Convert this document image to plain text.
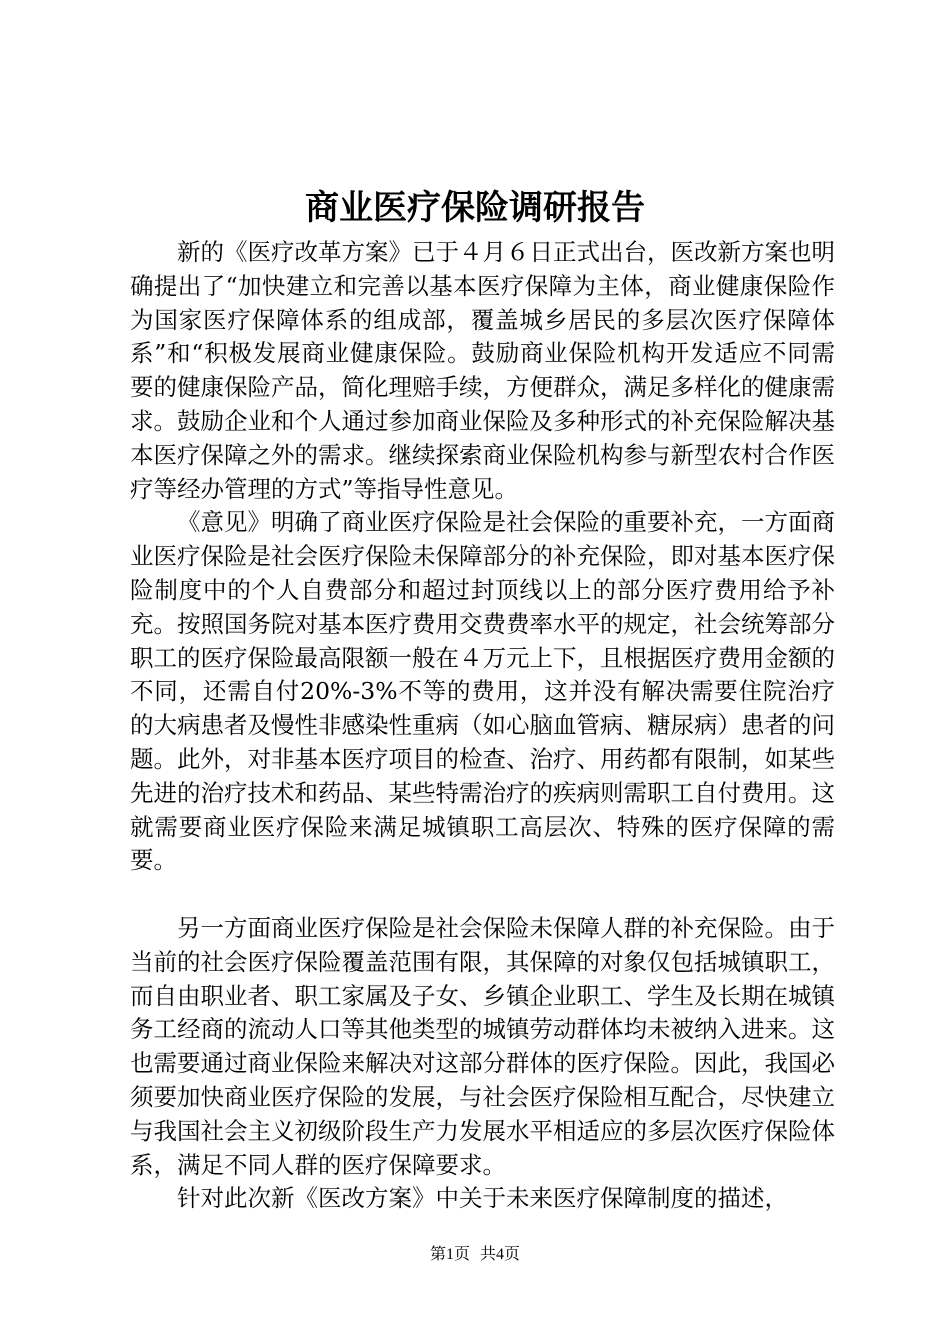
商业医疗保险调研报告

新的《医疗改革方案》已于４月６日正式出台，医改新方案也明确提出了“加快建立和完善以基本医疗保障为主体，商业健康保险作为国家医疗保障体系的组成部，覆盖城乡居民的多层次医疗保障体系”和“积极发展商业健康保险。鼓励商业保险机构开发适应不同需要的健康保险产品，简化理赔手续，方便群众，满足多样化的健康需求。鼓励企业和个人通过参加商业保险及多种形式的补充保险解决基本医疗保障之外的需求。继续探索商业保险机构参与新型农村合作医疗等经办管理的方式”等指导性意见。

《意见》明确了商业医疗保险是社会保险的重要补充，一方面商业医疗保险是社会医疗保险未保障部分的补充保险，即对基本医疗保险制度中的个人自费部分和超过封顶线以上的部分医疗费用给予补充。按照国务院对基本医疗费用交费费率水平的规定，社会统筹部分职工的医疗保险最高限额一般在４万元上下，且根据医疗费用金额的不同，还需自付20%-3%不等的费用，这并没有解决需要住院治疗的大病患者及慢性非感染性重病（如心脑血管病、糖尿病）患者的问题。此外，对非基本医疗项目的检查、治疗、用药都有限制，如某些先进的治疗技术和药品、某些特需治疗的疾病则需职工自付费用。这就需要商业医疗保险来满足城镇职工高层次、特殊的医疗保障的需要。

另一方面商业医疗保险是社会保险未保障人群的补充保险。由于当前的社会医疗保险覆盖范围有限，其保障的对象仅包括城镇职工，而自由职业者、职工家属及子女、乡镇企业职工、学生及长期在城镇务工经商的流动人口等其他类型的城镇劳动群体均未被纳入进来。这也需要通过商业保险来解决对这部分群体的医疗保险。因此，我国必须要加快商业医疗保险的发展，与社会医疗保险相互配合，尽快建立与我国社会主义初级阶段生产力发展水平相适应的多层次医疗保险体系，满足不同人群的医疗保障要求。

针对此次新《医改方案》中关于未来医疗保障制度的描述，

第1页 共4页
